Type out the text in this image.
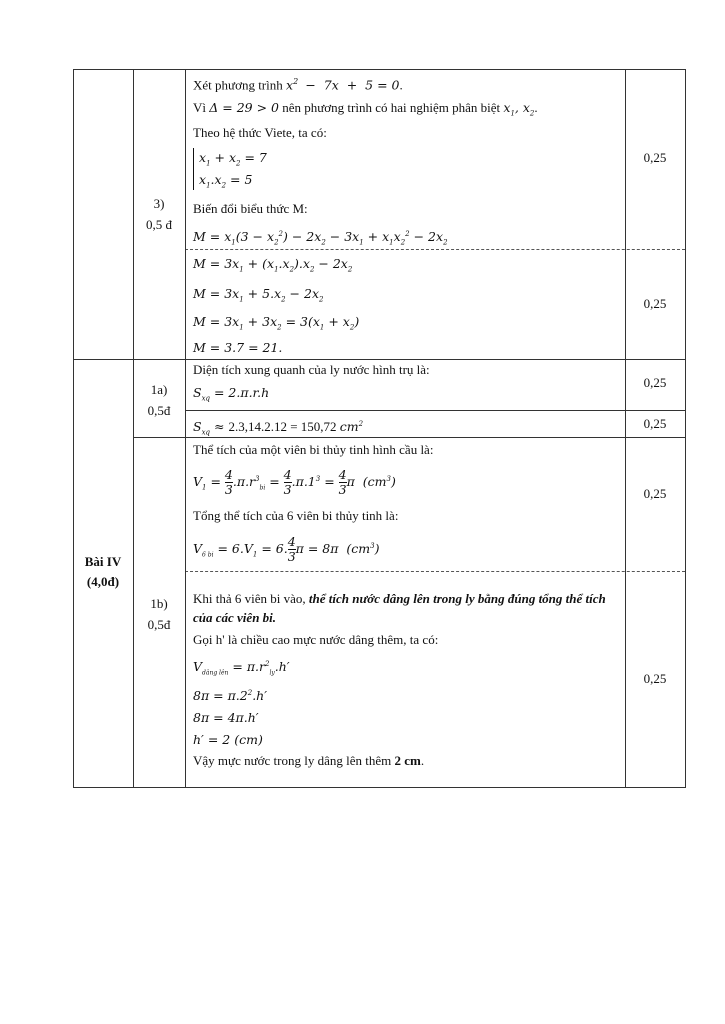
3)
0,5 đ
Xét phương trình $x^2 - 7x + 5 = 0$.
Vì Δ = 29 > 0 nên phương trình có hai nghiệm phân biệt $x_1$, $x_2$.
Theo hệ thức Viete, ta có:
$x_1 + x_2 = 7$
$x_1.x_2 = 5$
Biến đổi biểu thức M:
$M = x_1(3 - x_2^2) - 2x_2 - 3x_1 + x_1x_2^2 - 2x_2$
0,25
$M = 3x_1 + (x_1.x_2).x_2 - 2x_2$
$M = 3x_1 + 5.x_2 - 2x_2$
$M = 3x_1 + 3x_2 = 3(x_1 + x_2)$
M = 3.7 = 21.
0,25
Bài IV
(4,0đ)
1a)
0,5đ
Diện tích xung quanh của ly nước hình trụ là:
$S_{xq} = 2.\pi.r.h$
0,25
$S_{xq} \approx 2.3,14.2.12 = 150,72$ $cm^2$	0,25
Thể tích của một viên bi thủy tinh hình cầu là:
$V_1 = \frac{4}{3} .\pi.r^3_{bi} = \frac{4}{3} .\pi.1^3 = \frac{4}{3}$ π  $(cm^3)$
Tổng thể tích của 6 viên bi thủy tinh là:
$V_{6 bi} = 6.V_1 = 6$. $\frac{4}{3}$ π = 8π  $(cm^3)$
0,25
1b)
0,5đ
Khi thả 6 viên bi vào, thể tích nước dâng lên trong ly bằng đúng tổng thể tích của các viên bi.
Gọi h' là chiều cao mực nước dâng thêm, ta có:
$V_{dâng lên} = \pi.r^2_{ly}.h'$
$8\pi = \pi.2^2.h'$
8π = 4π.h′
h′ = 2 (cm)
Vậy mực nước trong ly dâng lên thêm 2 cm.
0,25
